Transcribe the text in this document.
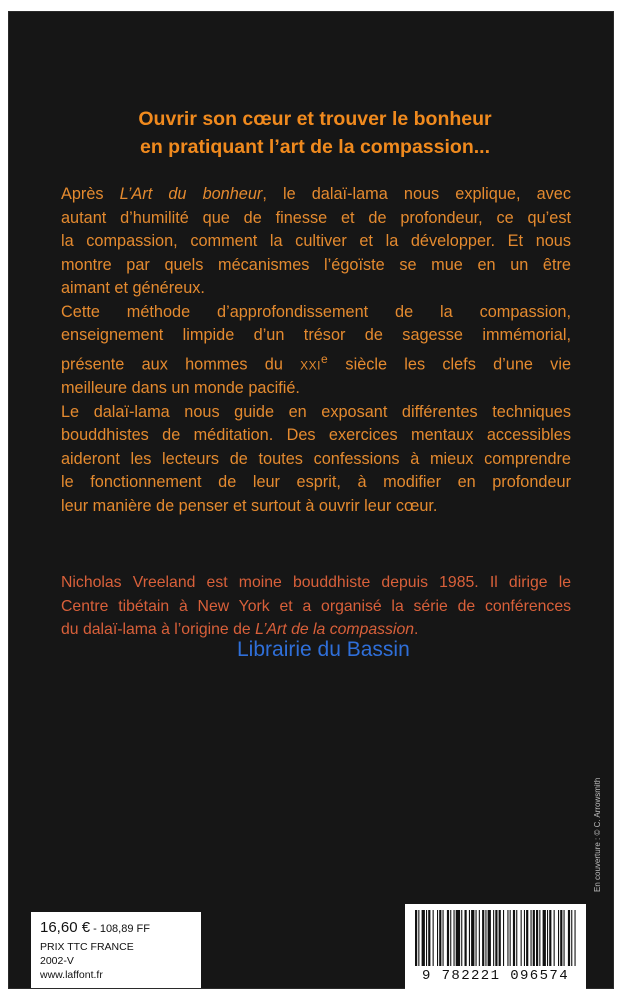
Ouvrir son cœur et trouver le bonheur
en pratiquant l’art de la compassion...
Après L’Art du bonheur, le dalaï-lama nous explique, avec
autant d’humilité que de finesse et de profondeur, ce qu’est
la compassion, comment la cultiver et la développer. Et nous
montre par quels mécanismes l’égoïste se mue en un être
aimant et généreux.
Cette méthode d’approfondissement de la compassion,
enseignement limpide d’un trésor de sagesse immémorial,
présente aux hommes du XXIe siècle les clefs d’une vie
meilleure dans un monde pacifié.
Le dalaï-lama nous guide en exposant différentes techniques
bouddhistes de méditation. Des exercices mentaux accessibles
aideront les lecteurs de toutes confessions à mieux comprendre
le fonctionnement de leur esprit, à modifier en profondeur
leur manière de penser et surtout à ouvrir leur cœur.
Nicholas Vreeland est moine bouddhiste depuis 1985. Il dirige le
Centre tibétain à New York et a organisé la série de conférences
du dalaï-lama à l’origine de L’Art de la compassion.
Librairie du Bassin
16,60 € - 108,89 FF
PRIX TTC FRANCE
2002-V
www.laffont.fr	9 782221 096574
En couverture : © C. Arrowsmith
